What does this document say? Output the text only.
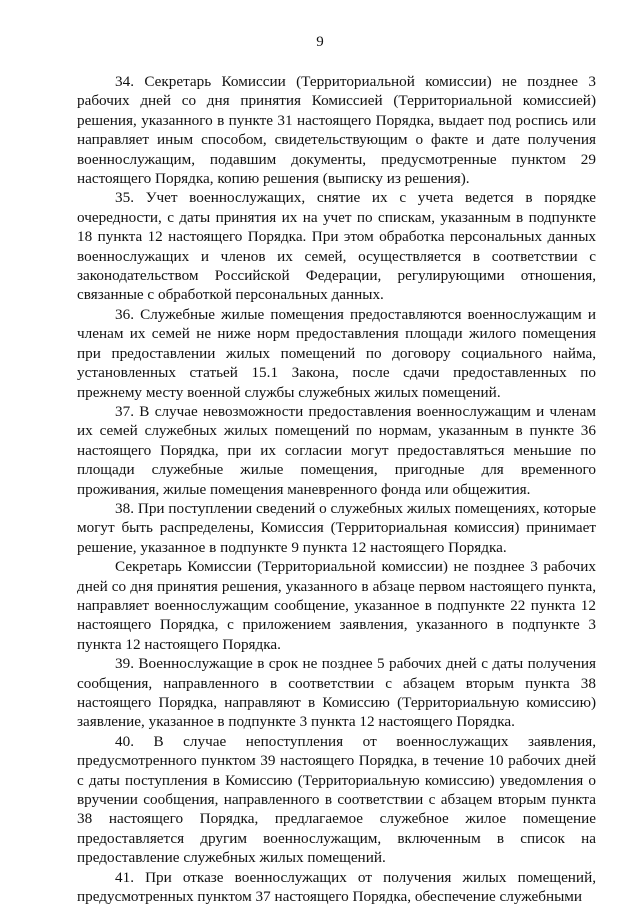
9

34. Секретарь Комиссии (Территориальной комиссии) не позднее 3 рабочих дней со дня принятия Комиссией (Территориальной комиссией) решения, указанного в пункте 31 настоящего Порядка, выдает под роспись или направляет иным способом, свидетельствующим о факте и дате получения военнослужащим, подавшим документы, предусмотренные пунктом 29 настоящего Порядка, копию решения (выписку из решения).

35. Учет военнослужащих, снятие их с учета ведется в порядке очередности, с даты принятия их на учет по спискам, указанным в подпункте 18 пункта 12 настоящего Порядка. При этом обработка персональных данных военнослужащих и членов их семей, осуществляется в соответствии с законодательством Российской Федерации, регулирующими отношения, связанные с обработкой персональных данных.

36. Служебные жилые помещения предоставляются военнослужащим и членам их семей не ниже норм предоставления площади жилого помещения при предоставлении жилых помещений по договору социального найма, установленных статьей 15.1 Закона, после сдачи предоставленных по прежнему месту военной службы служебных жилых помещений.

37. В случае невозможности предоставления военнослужащим и членам их семей служебных жилых помещений по нормам, указанным в пункте 36 настоящего Порядка, при их согласии могут предоставляться меньшие по площади служебные жилые помещения, пригодные для временного проживания, жилые помещения маневренного фонда или общежития.

38. При поступлении сведений о служебных жилых помещениях, которые могут быть распределены, Комиссия (Территориальная комиссия) принимает решение, указанное в подпункте 9 пункта 12 настоящего Порядка.

Секретарь Комиссии (Территориальной комиссии) не позднее 3 рабочих дней со дня принятия решения, указанного в абзаце первом настоящего пункта, направляет военнослужащим сообщение, указанное в подпункте 22 пункта 12 настоящего Порядка, с приложением заявления, указанного в подпункте 3 пункта 12 настоящего Порядка.

39. Военнослужащие в срок не позднее 5 рабочих дней с даты получения сообщения, направленного в соответствии с абзацем вторым пункта 38 настоящего Порядка, направляют в Комиссию (Территориальную комиссию) заявление, указанное в подпункте 3 пункта 12 настоящего Порядка.

40. В случае непоступления от военнослужащих заявления, предусмотренного пунктом 39 настоящего Порядка, в течение 10 рабочих дней с даты поступления в Комиссию (Территориальную комиссию) уведомления о вручении сообщения, направленного в соответствии с абзацем вторым пункта 38 настоящего Порядка, предлагаемое служебное жилое помещение предоставляется другим военнослужащим, включенным в список на предоставление служебных жилых помещений.

41. При отказе военнослужащих от получения жилых помещений, предусмотренных пунктом 37 настоящего Порядка, обеспечение служебными
